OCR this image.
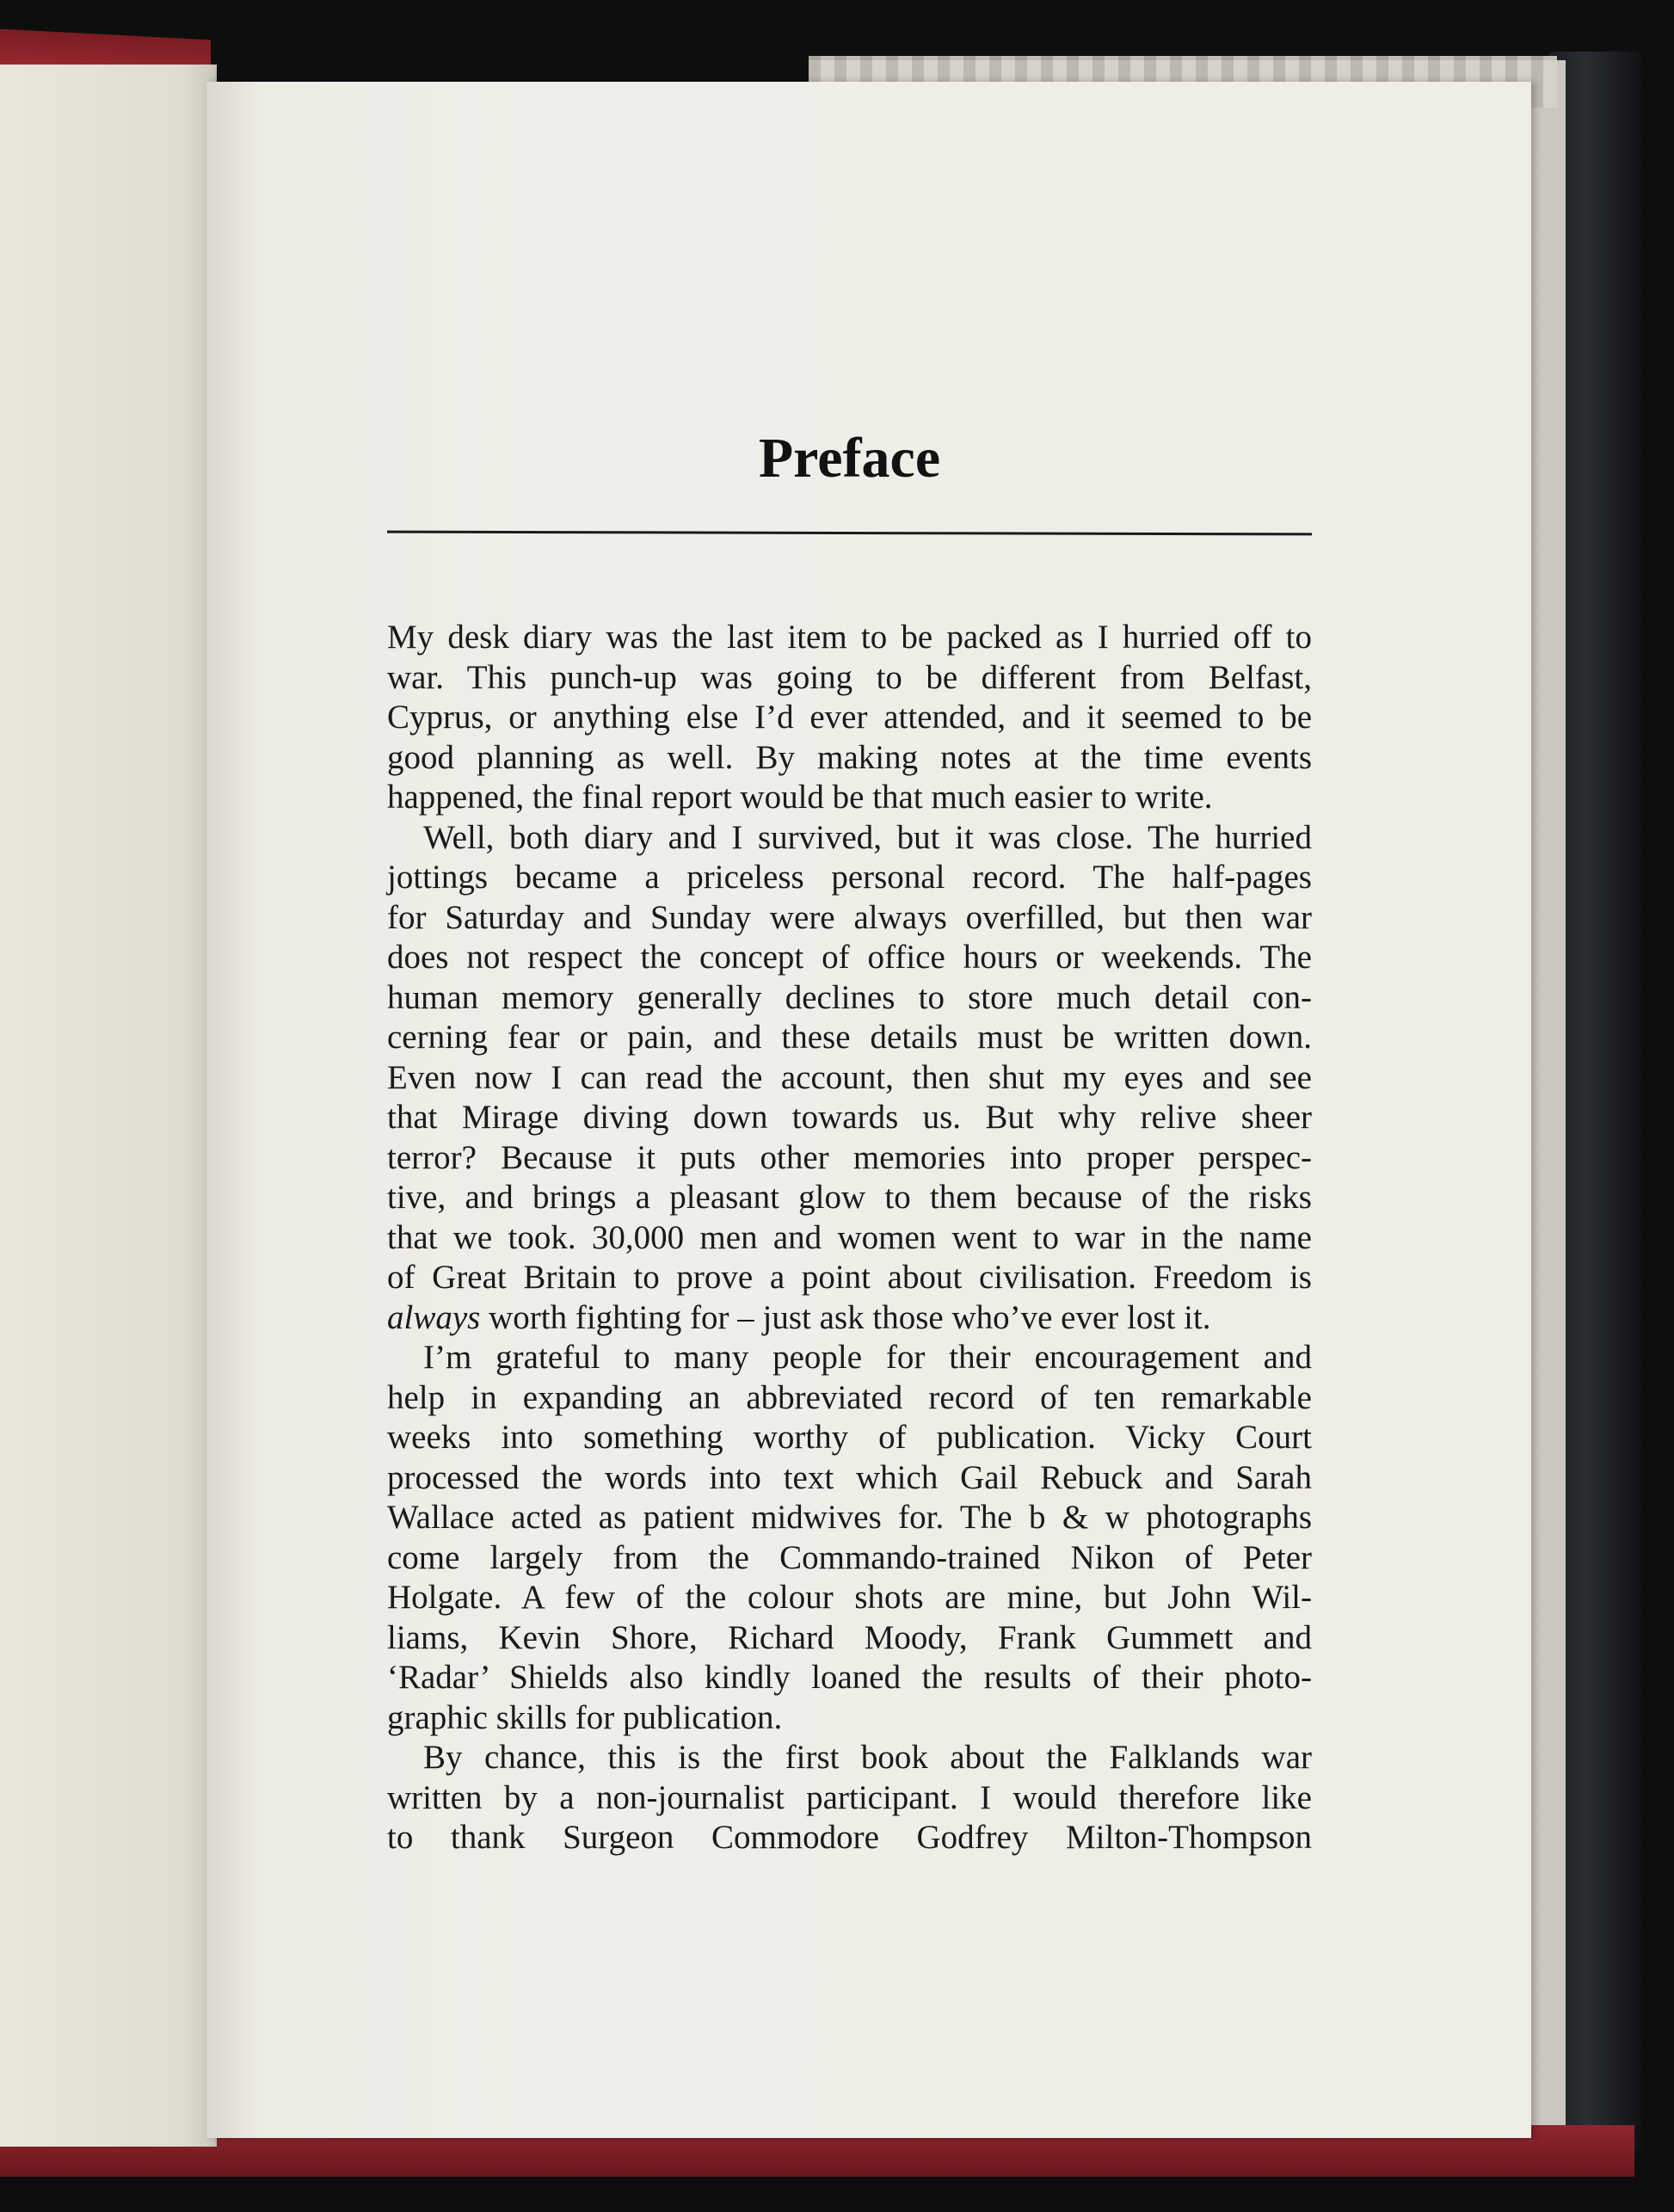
Preface

My desk diary was the last item to be packed as I hurried off to
war. This punch-up was going to be different from Belfast,
Cyprus, or anything else I’d ever attended, and it seemed to be
good planning as well. By making notes at the time events
happened, the final report would be that much easier to write.

Well, both diary and I survived, but it was close. The hurried
jottings became a priceless personal record. The half-pages
for Saturday and Sunday were always overfilled, but then war
does not respect the concept of office hours or weekends. The
human memory generally declines to store much detail con-
cerning fear or pain, and these details must be written down.
Even now I can read the account, then shut my eyes and see
that Mirage diving down towards us. But why relive sheer
terror? Because it puts other memories into proper perspec-
tive, and brings a pleasant glow to them because of the risks
that we took. 30,000 men and women went to war in the name
of Great Britain to prove a point about civilisation. Freedom is
always worth fighting for – just ask those who’ve ever lost it.

I’m grateful to many people for their encouragement and
help in expanding an abbreviated record of ten remarkable
weeks into something worthy of publication. Vicky Court
processed the words into text which Gail Rebuck and Sarah
Wallace acted as patient midwives for. The b & w photographs
come largely from the Commando-trained Nikon of Peter
Holgate. A few of the colour shots are mine, but John Wil-
liams, Kevin Shore, Richard Moody, Frank Gummett and
‘Radar’ Shields also kindly loaned the results of their photo-
graphic skills for publication.

By chance, this is the first book about the Falklands war
written by a non-journalist participant. I would therefore like
to thank Surgeon Commodore Godfrey Milton-Thompson
